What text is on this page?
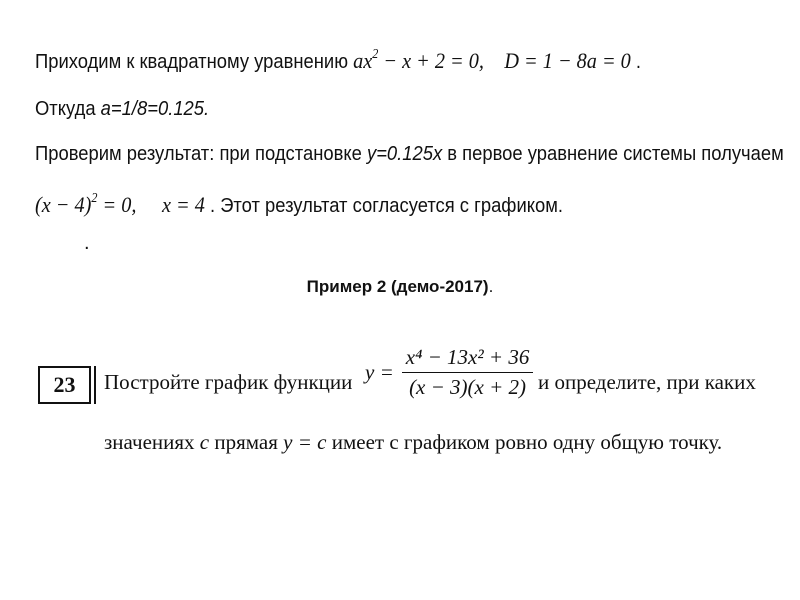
Приходим к квадратному уравнению $ax^2 - x + 2 = 0$, D = 1 − 8a = 0 .
Откуда a=1/8=0.125.
Проверим результат: при подстановке y=0.125x в первое уравнение системы получаем
$(x - 4)^2 = 0$, x = 4 . Этот результат согласуется с графиком.
.
Пример 2 (демо-2017).
23	Постройте график функции $y = \frac{\text{x⁴ − 13x² + 36}}{(x - 3)(x + 2)}$ и определите, при каких
значениях c прямая y = c имеет с графиком ровно одну общую точку.
